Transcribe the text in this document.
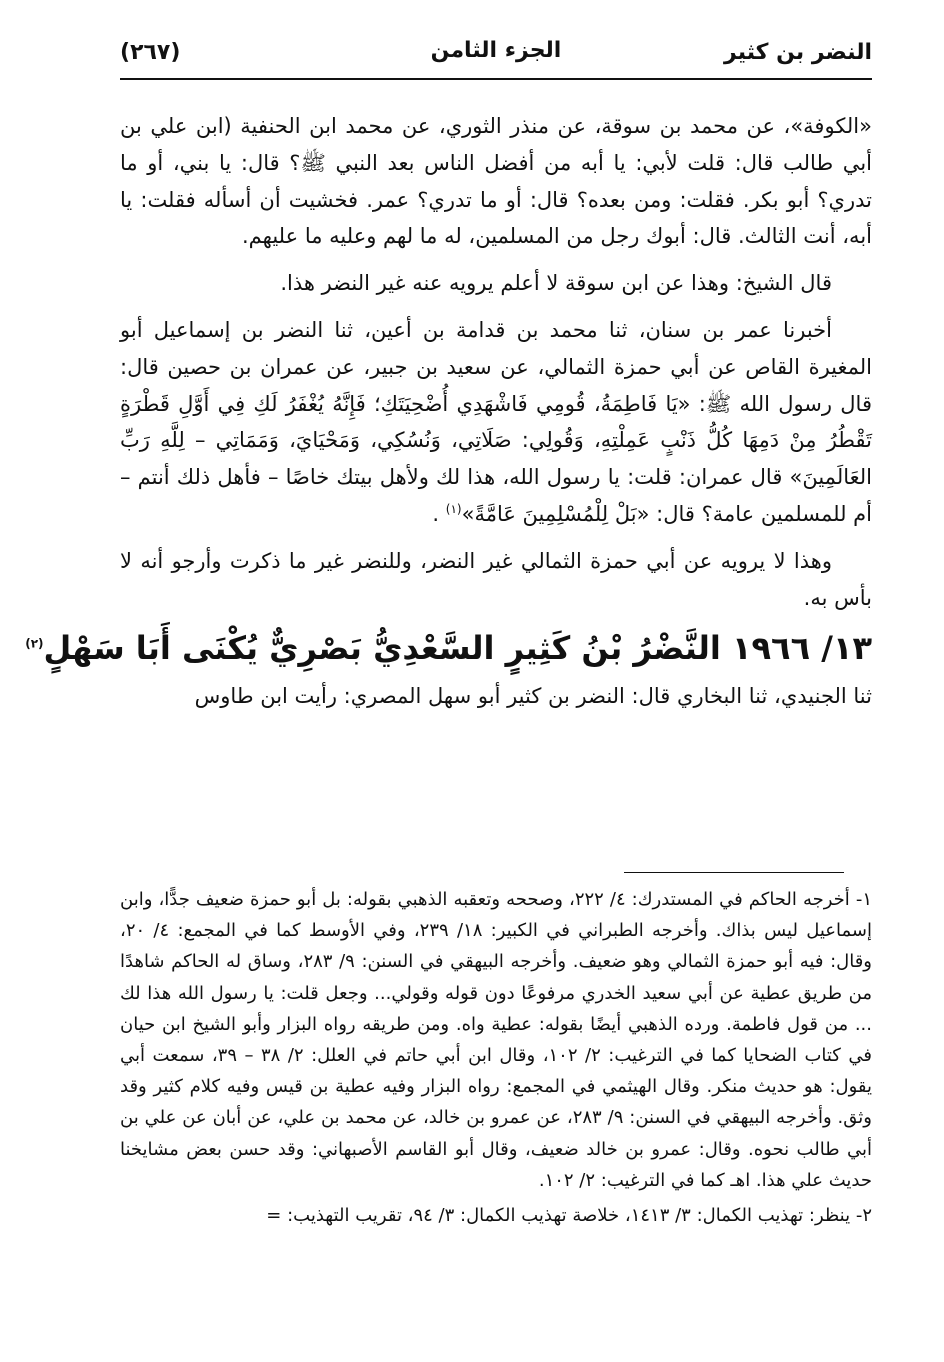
النضر بن كثير
الجزء الثامن
(٢٦٧)

«الكوفة»، عن محمد بن سوقة، عن منذر الثوري، عن محمد ابن الحنفية (ابن علي بن أبي طالب قال: قلت لأبي: يا أبه من أفضل الناس بعد النبي ﷺ؟ قال: يا بني، أو ما تدري؟ أبو بكر. فقلت: ومن بعده؟ قال: أو ما تدري؟ عمر. فخشيت أن أسأله فقلت: يا أبه، أنت الثالث. قال: أبوك رجل من المسلمين، له ما لهم وعليه ما عليهم.

قال الشيخ: وهذا عن ابن سوقة لا أعلم يرويه عنه غير النضر هذا.

أخبرنا عمر بن سنان، ثنا محمد بن قدامة بن أعين، ثنا النضر بن إسماعيل أبو المغيرة القاص عن أبي حمزة الثمالي، عن سعيد بن جبير، عن عمران بن حصين قال: قال رسول الله ﷺ: «يَا فَاطِمَةُ، قُومِي فَاشْهَدِي أُضْحِيَتَكِ؛ فَإِنَّهُ يُغْفَرُ لَكِ فِي أَوَّلِ قَطْرَةٍ تَقْطُرُ مِنْ دَمِهَا كُلُّ ذَنْبٍ عَمِلْتِهِ، وَقُولِي: صَلَاتِي، وَنُسُكِي، وَمَحْيَايَ، وَمَمَاتِي – لِلَّهِ رَبِّ العَالَمِينَ» قال عمران: قلت: يا رسول الله، هذا لك ولأهل بيتك خاصًا – فأهل ذلك أنتم – أم للمسلمين عامة؟ قال: «بَلْ لِلْمُسْلِمِينَ عَامَّةً»$^{(١)}$ .

وهذا لا يرويه عن أبي حمزة الثمالي غير النضر، وللنضر غير ما ذكرت وأرجو أنه لا بأس به.

١٣/ ١٩٦٦ النَّضْرُ بْنُ كَثِيرٍ السَّعْدِيُّ بَصْرِيٌّ يُكْنَى أَبَا سَهْلٍ$^{(٢)}$

ثنا الجنيدي، ثنا البخاري قال: النضر بن كثير أبو سهل المصري: رأيت ابن طاوس

١- أخرجه الحاكم في المستدرك: ٤/ ٢٢٢، وصححه وتعقبه الذهبي بقوله: بل أبو حمزة ضعيف جدًّا، وابن إسماعيل ليس بذاك. وأخرجه الطبراني في الكبير: ١٨/ ٢٣٩، وفي الأوسط كما في المجمع: ٤/ ٢٠، وقال: فيه أبو حمزة الثمالي وهو ضعيف. وأخرجه البيهقي في السنن: ٩/ ٢٨٣، وساق له الحاكم شاهدًا من طريق عطية عن أبي سعيد الخدري مرفوعًا دون قوله وقولي... وجعل قلت: يا رسول الله هذا لك ... من قول فاطمة. ورده الذهبي أيضًا بقوله: عطية واه. ومن طريقه رواه البزار وأبو الشيخ ابن حيان في كتاب الضحايا كما في الترغيب: ٢/ ١٠٢، وقال ابن أبي حاتم في العلل: ٢/ ٣٨ – ٣٩، سمعت أبي يقول: هو حديث منكر. وقال الهيثمي في المجمع: رواه البزار وفيه عطية بن قيس وفيه كلام كثير وقد وثق. وأخرجه البيهقي في السنن: ٩/ ٢٨٣، عن عمرو بن خالد، عن محمد بن علي، عن أبان عن علي بن أبي طالب نحوه. وقال: عمرو بن خالد ضعيف، وقال أبو القاسم الأصبهاني: وقد حسن بعض مشايخنا حديث علي هذا. اهـ كما في الترغيب: ٢/ ١٠٢.

٢- ينظر: تهذيب الكمال: ٣/ ١٤١٣، خلاصة تهذيب الكمال: ٣/ ٩٤، تقريب التهذيب: =
